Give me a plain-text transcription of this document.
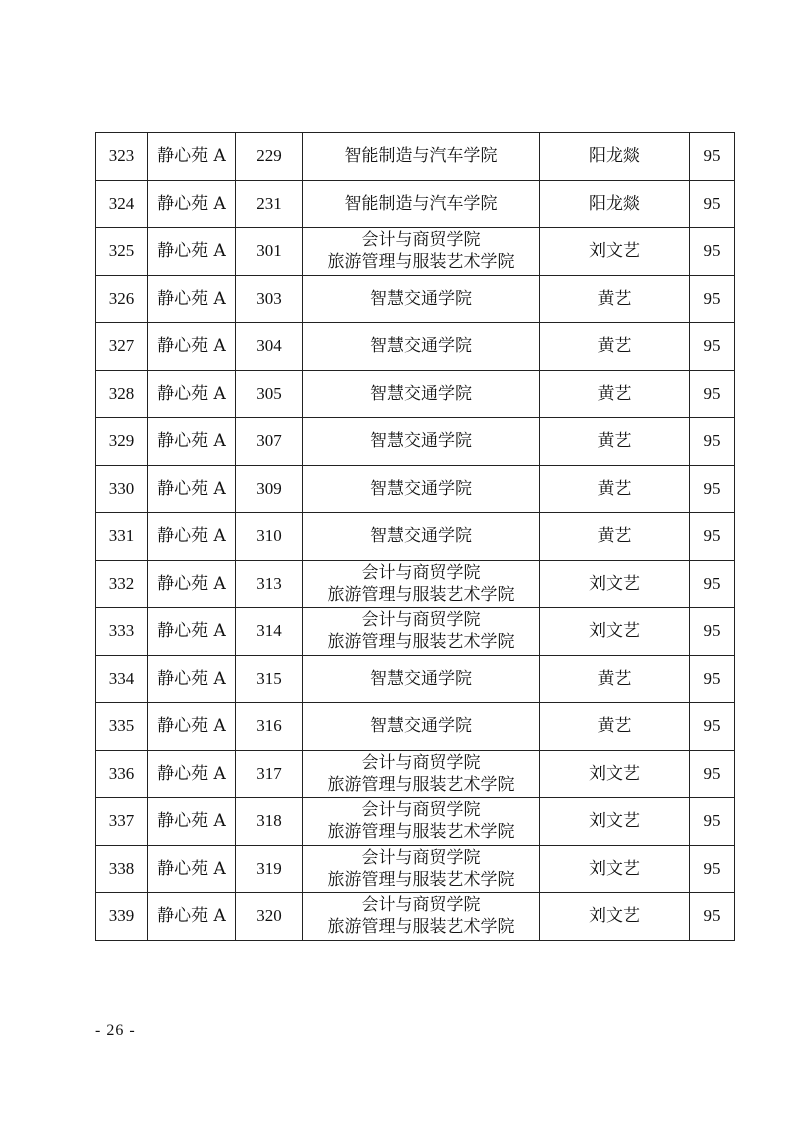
323	静心苑 A	229	智能制造与汽车学院	阳龙燚	95
324	静心苑 A	231	智能制造与汽车学院	阳龙燚	95
325	静心苑 A	301	会计与商贸学院
旅游管理与服装艺术学院	刘文艺	95
326	静心苑 A	303	智慧交通学院	黄艺	95
327	静心苑 A	304	智慧交通学院	黄艺	95
328	静心苑 A	305	智慧交通学院	黄艺	95
329	静心苑 A	307	智慧交通学院	黄艺	95
330	静心苑 A	309	智慧交通学院	黄艺	95
331	静心苑 A	310	智慧交通学院	黄艺	95
332	静心苑 A	313	会计与商贸学院
旅游管理与服装艺术学院	刘文艺	95
333	静心苑 A	314	会计与商贸学院
旅游管理与服装艺术学院	刘文艺	95
334	静心苑 A	315	智慧交通学院	黄艺	95
335	静心苑 A	316	智慧交通学院	黄艺	95
336	静心苑 A	317	会计与商贸学院
旅游管理与服装艺术学院	刘文艺	95
337	静心苑 A	318	会计与商贸学院
旅游管理与服装艺术学院	刘文艺	95
338	静心苑 A	319	会计与商贸学院
旅游管理与服装艺术学院	刘文艺	95
339	静心苑 A	320	会计与商贸学院
旅游管理与服装艺术学院	刘文艺	95
- 26 -
